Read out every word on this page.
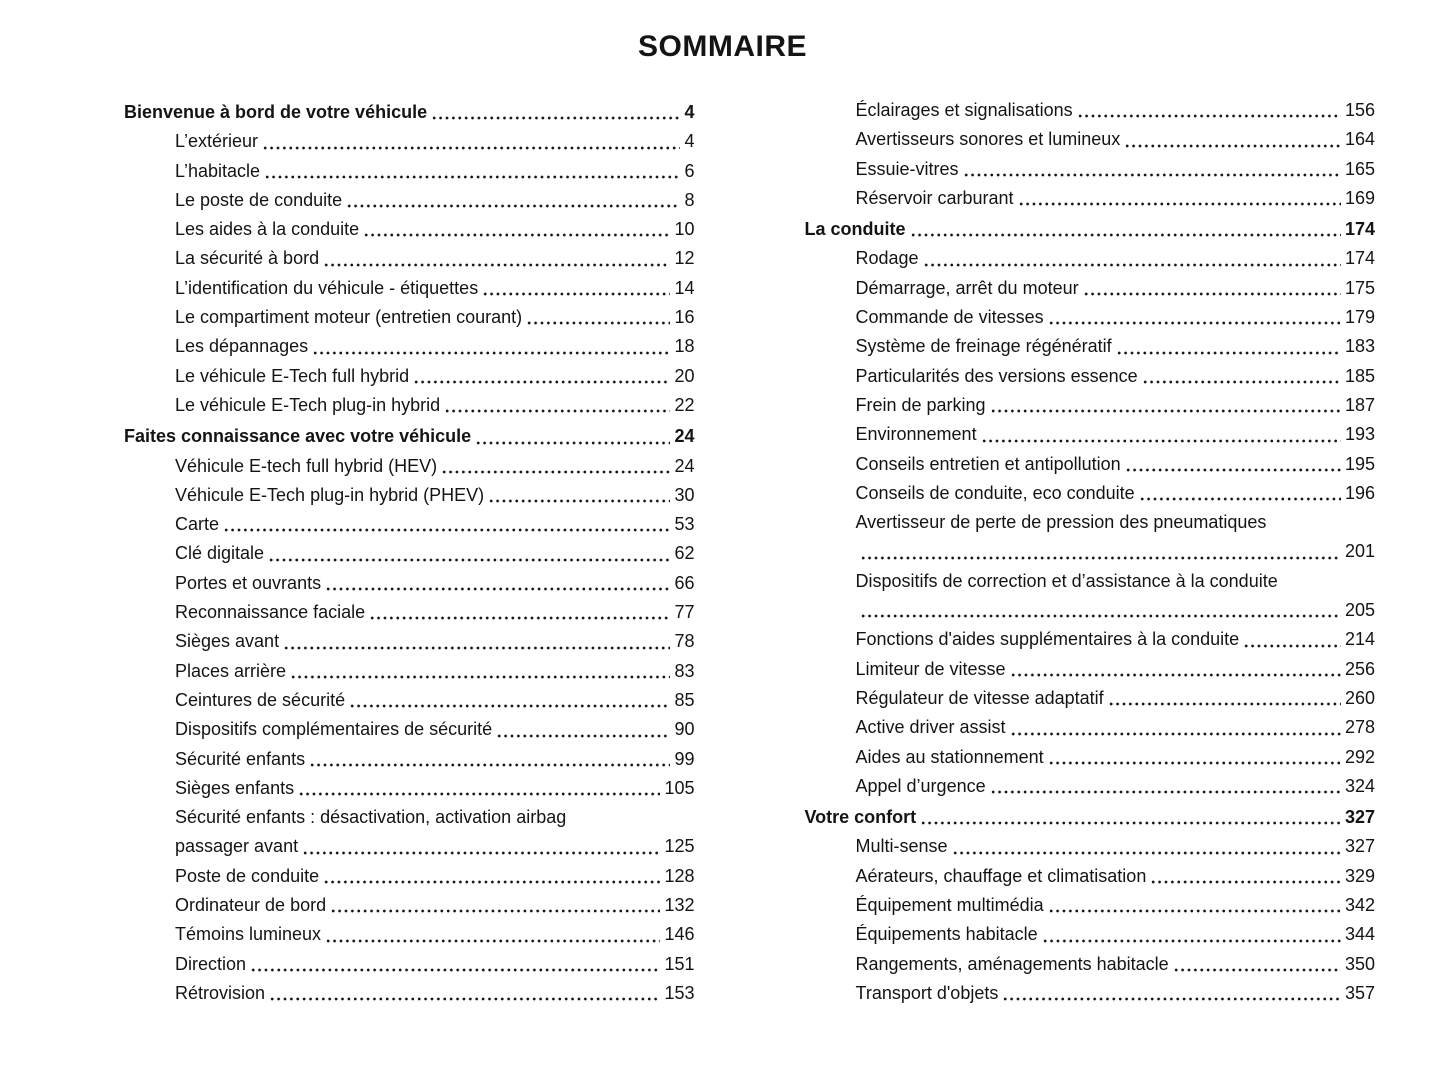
SOMMAIRE
Bienvenue à bord de votre véhicule	4
L’extérieur	4
L’habitacle	6
Le poste de conduite	8
Les aides à la conduite	10
La sécurité à bord	12
L’identification du véhicule - étiquettes	14
Le compartiment moteur (entretien courant)	16
Les dépannages	18
Le véhicule E-Tech full hybrid	20
Le véhicule E-Tech plug-in hybrid	22
Faites connaissance avec votre véhicule	24
Véhicule E-tech full hybrid (HEV)	24
Véhicule E-Tech plug-in hybrid (PHEV)	30
Carte	53
Clé digitale	62
Portes et ouvrants	66
Reconnaissance faciale	77
Sièges avant	78
Places arrière	83
Ceintures de sécurité	85
Dispositifs complémentaires de sécurité	90
Sécurité enfants	99
Sièges enfants	105
Sécurité enfants : désactivation, activation airbag
passager avant	125
Poste de conduite	128
Ordinateur de bord	132
Témoins lumineux	146
Direction	151
Rétrovision	153
Éclairages et signalisations	156
Avertisseurs sonores et lumineux	164
Essuie-vitres	165
Réservoir carburant	169
La conduite	174
Rodage	174
Démarrage, arrêt du moteur	175
Commande de vitesses	179
Système de freinage régénératif	183
Particularités des versions essence	185
Frein de parking	187
Environnement	193
Conseils entretien et antipollution	195
Conseils de conduite, eco conduite	196
Avertisseur de perte de pression des pneumatiques
201
Dispositifs de correction et d’assistance à la conduite
205
Fonctions d'aides supplémentaires à la conduite	214
Limiteur de vitesse	256
Régulateur de vitesse adaptatif	260
Active driver assist	278
Aides au stationnement	292
Appel d’urgence	324
Votre confort	327
Multi-sense	327
Aérateurs, chauffage et climatisation	329
Équipement multimédia	342
Équipements habitacle	344
Rangements, aménagements habitacle	350
Transport d'objets	357
